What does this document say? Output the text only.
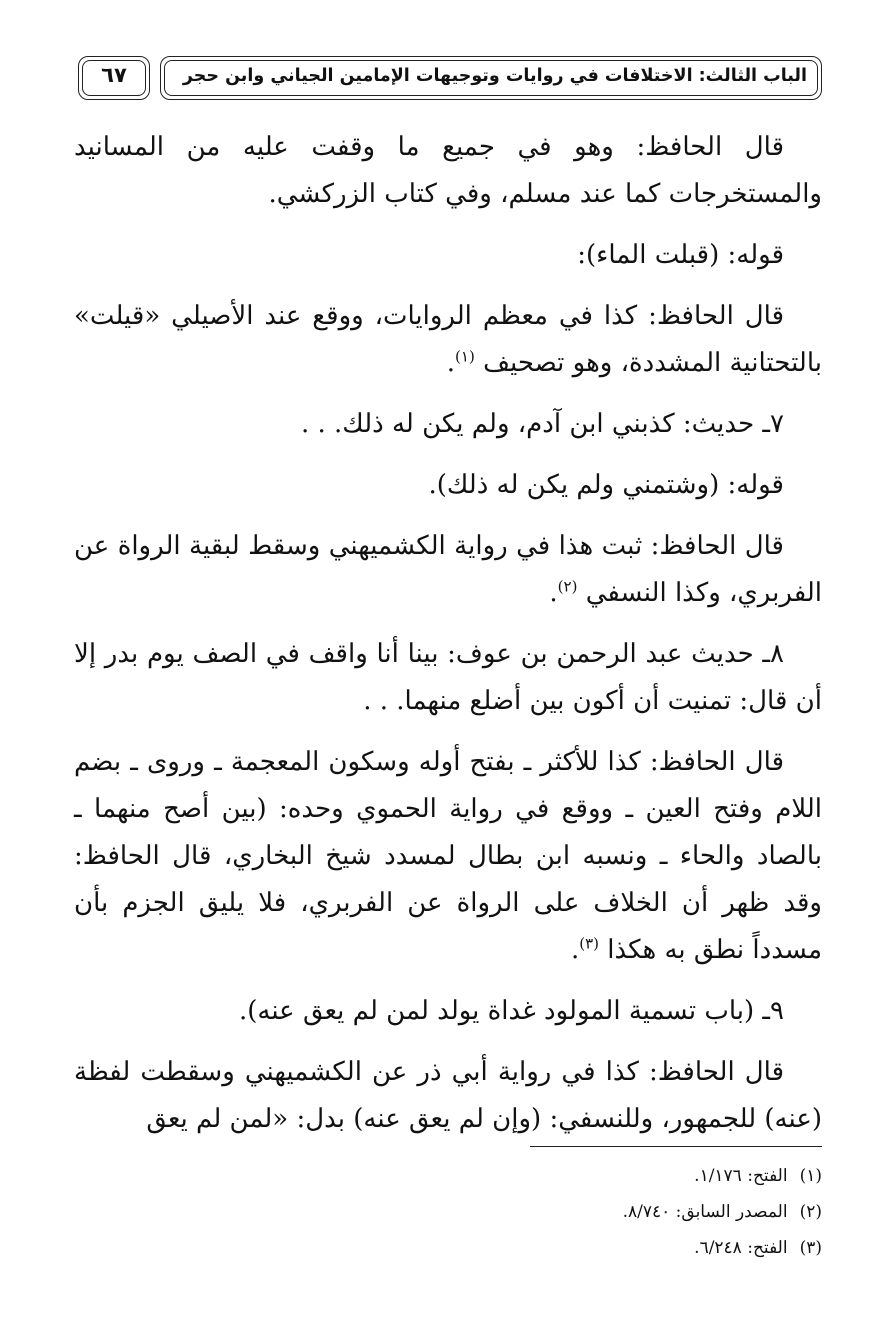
٦٧	الباب الثالث: الاختلافات في روايات وتوجيهات الإمامين الجياني وابن حجر

قال الحافظ: وهو في جميع ما وقفت عليه من المسانيد والمستخرجات كما عند مسلم، وفي كتاب الزركشي.

قوله: (قبلت الماء):

قال الحافظ: كذا في معظم الروايات، ووقع عند الأصيلي «قيلت» بالتحتانية المشددة، وهو تصحيف $^{(١)}$.

٧ـ حديث: كذبني ابن آدم، ولم يكن له ذلك. . .

قوله: (وشتمني ولم يكن له ذلك).

قال الحافظ: ثبت هذا في رواية الكشميهني وسقط لبقية الرواة عن الفربري، وكذا النسفي $^{(٢)}$.

٨ـ حديث عبد الرحمن بن عوف: بينا أنا واقف في الصف يوم بدر إلا أن قال: تمنيت أن أكون بين أضلع منهما. . .

قال الحافظ: كذا للأكثر ـ بفتح أوله وسكون المعجمة ـ وروى ـ بضم اللام وفتح العين ـ ووقع في رواية الحموي وحده: (بين أصح منهما ـ بالصاد والحاء ـ ونسبه ابن بطال لمسدد شيخ البخاري، قال الحافظ: وقد ظهر أن الخلاف على الرواة عن الفربري، فلا يليق الجزم بأن مسدداً نطق به هكذا $^{(٣)}$.

٩ـ (باب تسمية المولود غداة يولد لمن لم يعق عنه).

قال الحافظ: كذا في رواية أبي ذر عن الكشميهني وسقطت لفظة (عنه) للجمهور، وللنسفي: (وإن لم يعق عنه) بدل: «لمن لم يعق

(١)الفتح: ١/١٧٦.
(٢)المصدر السابق: ٨/٧٤٠.
(٣)الفتح: ٦/٢٤٨.
